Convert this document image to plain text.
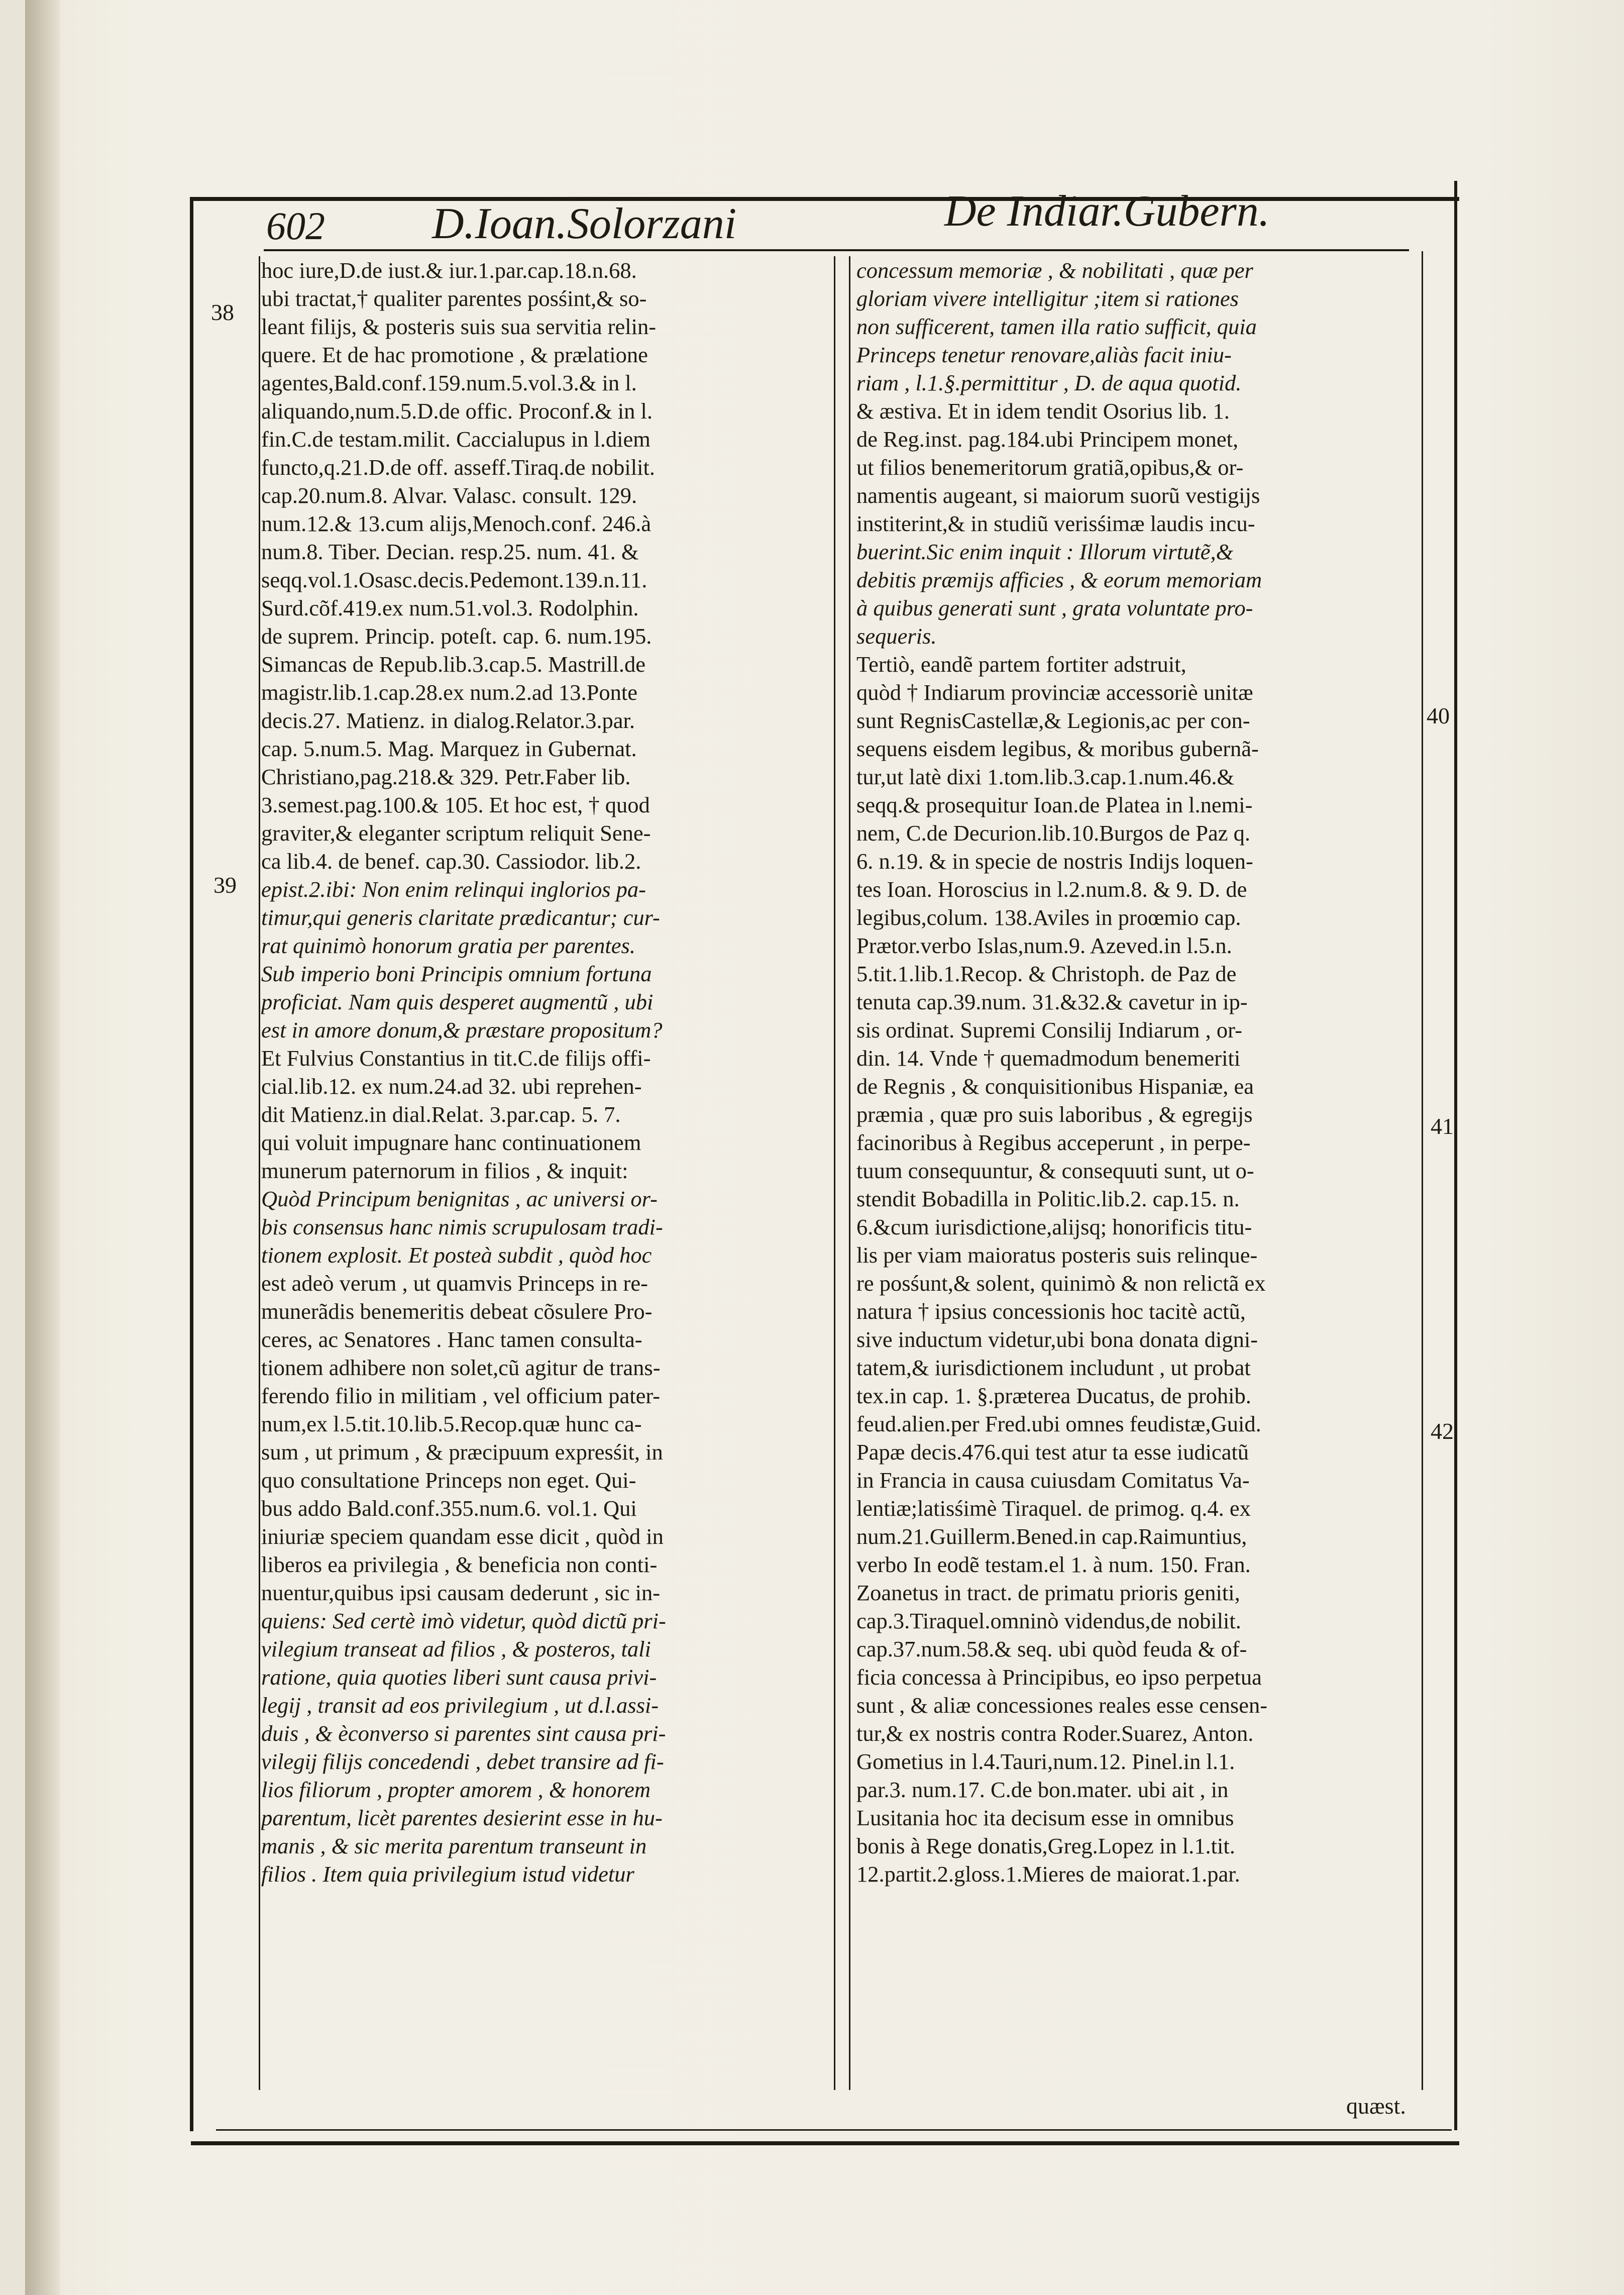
602 D.Ioan.Solorzani	De Indiar.Gubern.
hoc iure,D.de iust.& iur.1.par.cap.18.n.68.
ubi tractat,† qualiter parentes posśint,& so-
leant filijs, & posteris suis sua servitia relin-
quere. Et de hac promotione , & prælatione
agentes,Bald.conf.159.num.5.vol.3.& in l.
aliquando,num.5.D.de offic. Proconf.& in l.
fin.C.de testam.milit. Caccialupus in l.diem
functo,q.21.D.de off. asseff.Tiraq.de nobilit.
cap.20.num.8. Alvar. Valasc. consult. 129.
num.12.& 13.cum alijs,Menoch.conf. 246.à
num.8. Tiber. Decian. resp.25. num. 41. &
seqq.vol.1.Osasc.decis.Pedemont.139.n.11.
Surd.cõf.419.ex num.51.vol.3. Rodolphin.
de suprem. Princip. poteſt. cap. 6. num.195.
Simancas de Repub.lib.3.cap.5. Mastrill.de
magistr.lib.1.cap.28.ex num.2.ad 13.Ponte
decis.27. Matienz. in dialog.Relator.3.par.
cap. 5.num.5. Mag. Marquez in Gubernat.
Christiano,pag.218.& 329. Petr.Faber lib.
3.semest.pag.100.& 105. Et hoc est, † quod
graviter,& eleganter scriptum reliquit Sene-
ca lib.4. de benef. cap.30. Cassiodor. lib.2.
epist.2.ibi: Non enim relinqui inglorios pa-
timur,qui generis claritate prædicantur; cur-
rat quinimò honorum gratia per parentes.
Sub imperio boni Principis omnium fortuna
proficiat. Nam quis desperet augmentũ , ubi
est in amore donum,& præstare propositum?
Et Fulvius Constantius in tit.C.de filijs offi-
cial.lib.12. ex num.24.ad 32. ubi reprehen-
dit Matienz.in dial.Relat. 3.par.cap. 5. 7.
qui voluit impugnare hanc continuationem
munerum paternorum in filios , & inquit:
Quòd Principum benignitas , ac universi or-
bis consensus hanc nimis scrupulosam tradi-
tionem explosit. Et posteà subdit , quòd hoc
est adeò verum , ut quamvis Princeps in re-
munerãdis benemeritis debeat cõsulere Pro-
ceres, ac Senatores . Hanc tamen consulta-
tionem adhibere non solet,cũ agitur de trans-
ferendo filio in militiam , vel officium pater-
num,ex l.5.tit.10.lib.5.Recop.quæ hunc ca-
sum , ut primum , & præcipuum expresśit, in
quo consultatione Princeps non eget. Qui-
bus addo Bald.conf.355.num.6. vol.1. Qui
iniuriæ speciem quandam esse dicit , quòd in
liberos ea privilegia , & beneficia non conti-
nuentur,quibus ipsi causam dederunt , sic in-
quiens: Sed certè imò videtur, quòd dictũ pri-
vilegium transeat ad filios , & posteros, tali
ratione, quia quoties liberi sunt causa privi-
legij , transit ad eos privilegium , ut d.l.assi-
duis , & èconverso si parentes sint causa pri-
vilegij filijs concedendi , debet transire ad fi-
lios filiorum , propter amorem , & honorem
parentum, licèt parentes desierint esse in hu-
manis , & sic merita parentum transeunt in
filios . Item quia privilegium istud videtur
concessum memoriæ , & nobilitati , quæ per
gloriam vivere intelligitur ;item si rationes
non sufficerent, tamen illa ratio sufficit, quia
Princeps tenetur renovare,aliàs facit iniu-
riam , l.1.§.permittitur , D. de aqua quotid.
& æstiva. Et in idem tendit Osorius lib. 1.
de Reg.inst. pag.184.ubi Principem monet,
ut filios benemeritorum gratiã,opibus,& or-
namentis augeant, si maiorum suorũ vestigijs
institerint,& in studiũ verisśimæ laudis incu-
buerint.Sic enim inquit : Illorum virtutẽ,&
debitis præmijs afficies , & eorum memoriam
à quibus generati sunt , grata voluntate pro-
sequeris.
Tertiò, eandẽ partem fortiter adstruit,
quòd † Indiarum provinciæ accessoriè unitæ
sunt RegnisCastellæ,& Legionis,ac per con-
sequens eisdem legibus, & moribus gubernã-
tur,ut latè dixi 1.tom.lib.3.cap.1.num.46.&
seqq.& prosequitur Ioan.de Platea in l.nemi-
nem, C.de Decurion.lib.10.Burgos de Paz q.
6. n.19. & in specie de nostris Indijs loquen-
tes Ioan. Horoscius in l.2.num.8. & 9. D. de
legibus,colum. 138.Aviles in proœmio cap.
Prætor.verbo Islas,num.9. Azeved.in l.5.n.
5.tit.1.lib.1.Recop. & Christoph. de Paz de
tenuta cap.39.num. 31.&32.& cavetur in ip-
sis ordinat. Supremi Consilij Indiarum , or-
din. 14. Vnde † quemadmodum benemeriti
de Regnis , & conquisitionibus Hispaniæ, ea
præmia , quæ pro suis laboribus , & egregijs
facinoribus à Regibus acceperunt , in perpe-
tuum consequuntur, & consequuti sunt, ut o-
stendit Bobadilla in Politic.lib.2. cap.15. n.
6.&cum iurisdictione,alijsq; honorificis titu-
lis per viam maioratus posteris suis relinque-
re posśunt,& solent, quinimò & non relictã ex
natura † ipsius concessionis hoc tacitè actũ,
sive inductum videtur,ubi bona donata digni-
tatem,& iurisdictionem includunt , ut probat
tex.in cap. 1. §.præterea Ducatus, de prohib.
feud.alien.per Fred.ubi omnes feudistæ,Guid.
Papæ decis.476.qui test atur ta esse iudicatũ
in Francia in causa cuiusdam Comitatus Va-
lentiæ;latisśimè Tiraquel. de primog. q.4. ex
num.21.Guillerm.Bened.in cap.Raimuntius,
verbo In eodẽ testam.el 1. à num. 150. Fran.
Zoanetus in tract. de primatu prioris geniti,
cap.3.Tiraquel.omninò videndus,de nobilit.
cap.37.num.58.& seq. ubi quòd feuda & of-
ficia concessa à Principibus, eo ipso perpetua
sunt , & aliæ concessiones reales esse censen-
tur,& ex nostris contra Roder.Suarez, Anton.
Gometius in l.4.Tauri,num.12. Pinel.in l.1.
par.3. num.17. C.de bon.mater. ubi ait , in
Lusitania hoc ita decisum esse in omnibus
bonis à Rege donatis,Greg.Lopez in l.1.tit.
12.partit.2.gloss.1.Mieres de maiorat.1.par.
38
39
40
41
42
quæst.
